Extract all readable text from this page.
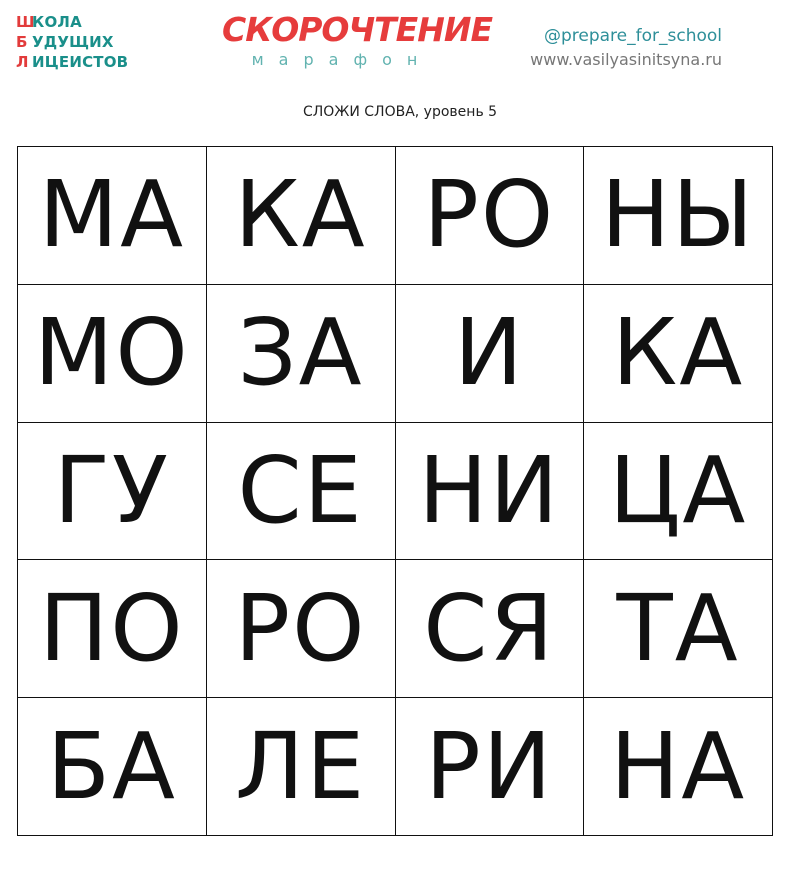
ШКОЛА
Б УДУЩИХ
Л ИЦЕИСТОВ
СКОРОЧТЕНИЕ
марафон
@prepare_for_school
www.vasilyasinitsyna.ru
СЛОЖИ СЛОВА, уровень 5
МА КА РО НЫ
МО ЗА И КА
ГУ СЕ НИ ЦА
ПО РО СЯ ТА
БА ЛЕ РИ НА
